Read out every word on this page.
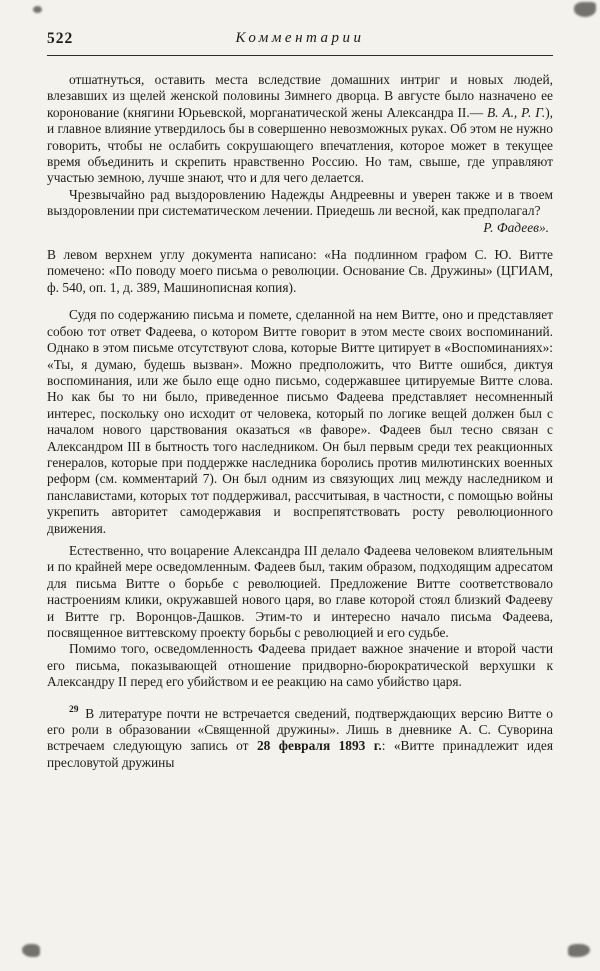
522	Комментарии

отшатнуться, оставить места вследствие домашних интриг и новых людей, влезавших из щелей женской половины Зимнего дворца. В августе было назначено ее коронование (княгини Юрьевской, морганатической жены Александра II.— В. А., Р. Г.), и главное влияние утвердилось бы в совершенно невозможных руках. Об этом не нужно говорить, чтобы не ослабить сокрушающего впечатления, которое может в текущее время объединить и скрепить нравственно Россию. Но там, свыше, где управляют участью земною, лучше знают, что и для чего делается.

Чрезвычайно рад выздоровлению Надежды Андреевны и уверен также и в твоем выздоровлении при систематическом лечении. Приедешь ли весной, как предполагал?

Р. Фадеев».

В левом верхнем углу документа написано: «На подлинном графом С. Ю. Витте помечено: «По поводу моего письма о революции. Основание Св. Дружины» (ЦГИАМ, ф. 540, оп. 1, д. 389, Машинописная копия).

Судя по содержанию письма и помете, сделанной на нем Витте, оно и представляет собою тот ответ Фадеева, о котором Витте говорит в этом месте своих воспоминаний. Однако в этом письме отсутствуют слова, которые Витте цитирует в «Воспоминаниях»: «Ты, я думаю, будешь вызван». Можно предположить, что Витте ошибся, диктуя воспоминания, или же было еще одно письмо, содержавшее цитируемые Витте слова. Но как бы то ни было, приведенное письмо Фадеева представляет несомненный интерес, поскольку оно исходит от человека, который по логике вещей должен был с началом нового царствования оказаться «в фаворе». Фадеев был тесно связан с Александром III в бытность того наследником. Он был первым среди тех реакционных генералов, которые при поддержке наследника боролись против милютинских военных реформ (см. комментарий 7). Он был одним из связующих лиц между наследником и панславистами, которых тот поддерживал, рассчитывая, в частности, с помощью войны укрепить авторитет самодержавия и воспрепятствовать росту революционного движения.

Естественно, что воцарение Александра III делало Фадеева человеком влиятельным и по крайней мере осведомленным. Фадеев был, таким образом, подходящим адресатом для письма Витте о борьбе с революцией. Предложение Витте соответствовало настроениям клики, окружавшей нового царя, во главе которой стоял близкий Фадееву и Витте гр. Воронцов-Дашков. Этим-то и интересно начало письма Фадеева, посвященное виттевскому проекту борьбы с революцией и его судьбе.

Помимо того, осведомленность Фадеева придает важное значение и второй части его письма, показывающей отношение придворно-бюрократической верхушки к Александру II перед его убийством и ее реакцию на само убийство царя.

$^{29}$ В литературе почти не встречается сведений, подтверждающих версию Витте о его роли в образовании «Священной дружины». Лишь в дневнике А. С. Суворина встречаем следующую запись от 28 февраля 1893 г.: «Витте принадлежит идея пресловутой дружины
